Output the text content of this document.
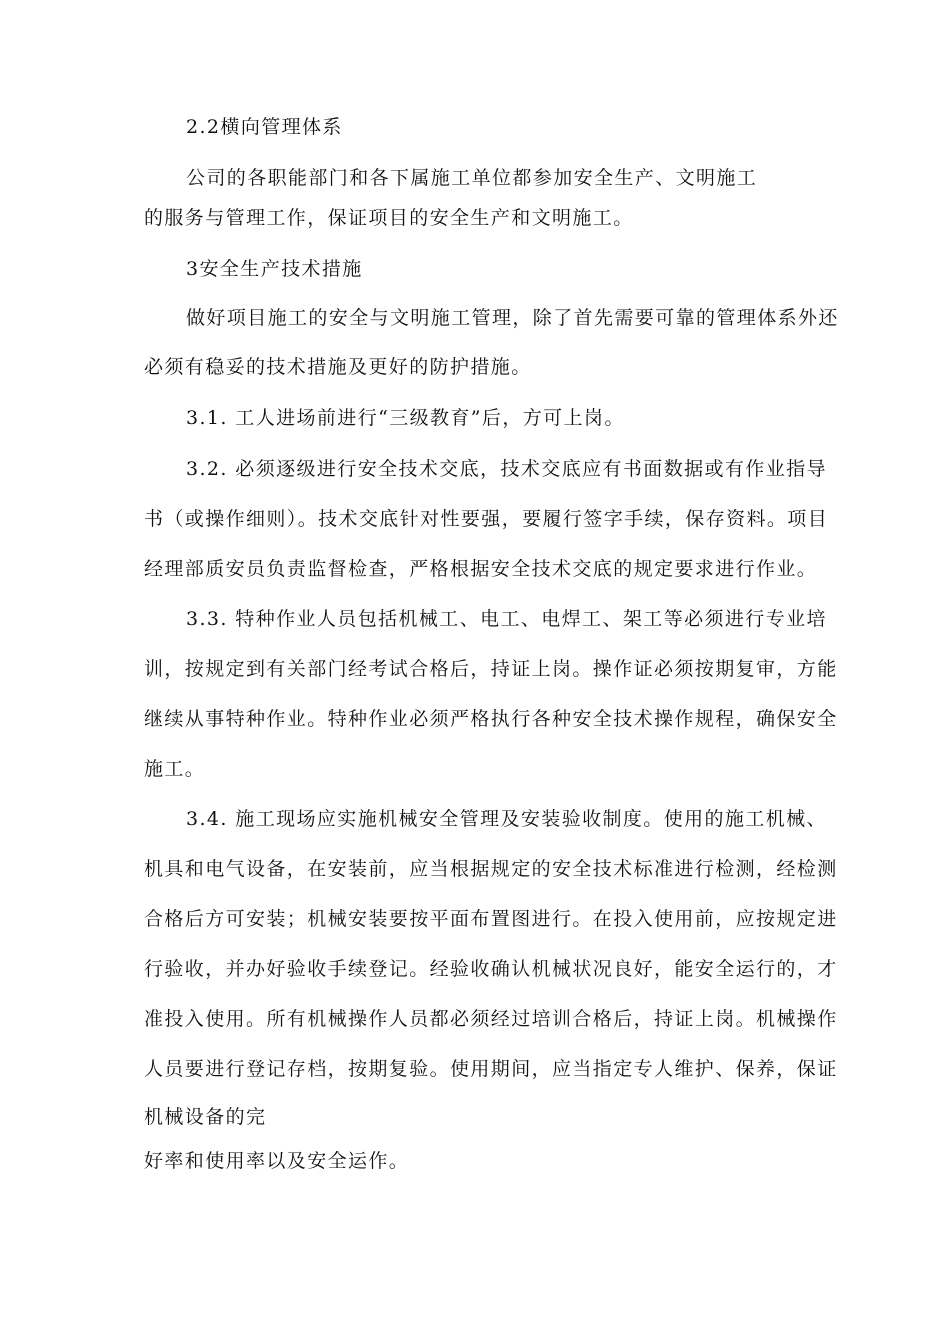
2.2横向管理体系
公司的各职能部门和各下属施工单位都参加安全生产、文明施工
的服务与管理工作，保证项目的安全生产和文明施工。
3安全生产技术措施
做好项目施工的安全与文明施工管理，除了首先需要可靠的管理体系外还
必须有稳妥的技术措施及更好的防护措施。
3.1. 工人进场前进行“三级教育”后，方可上岗。
3.2. 必须逐级进行安全技术交底，技术交底应有书面数据或有作业指导
书（或操作细则）。技术交底针对性要强，要履行签字手续，保存资料。项目
经理部质安员负责监督检查，严格根据安全技术交底的规定要求进行作业。
3.3. 特种作业人员包括机械工、电工、电焊工、架工等必须进行专业培
训，按规定到有关部门经考试合格后，持证上岗。操作证必须按期复审，方能
继续从事特种作业。特种作业必须严格执行各种安全技术操作规程，确保安全
施工。
3.4. 施工现场应实施机械安全管理及安装验收制度。使用的施工机械、
机具和电气设备，在安装前，应当根据规定的安全技术标准进行检测，经检测
合格后方可安装；机械安装要按平面布置图进行。在投入使用前，应按规定进
行验收，并办好验收手续登记。经验收确认机械状况良好，能安全运行的，才
准投入使用。所有机械操作人员都必须经过培训合格后，持证上岗。机械操作
人员要进行登记存档，按期复验。使用期间，应当指定专人维护、保养，保证
机械设备的完
好率和使用率以及安全运作。
